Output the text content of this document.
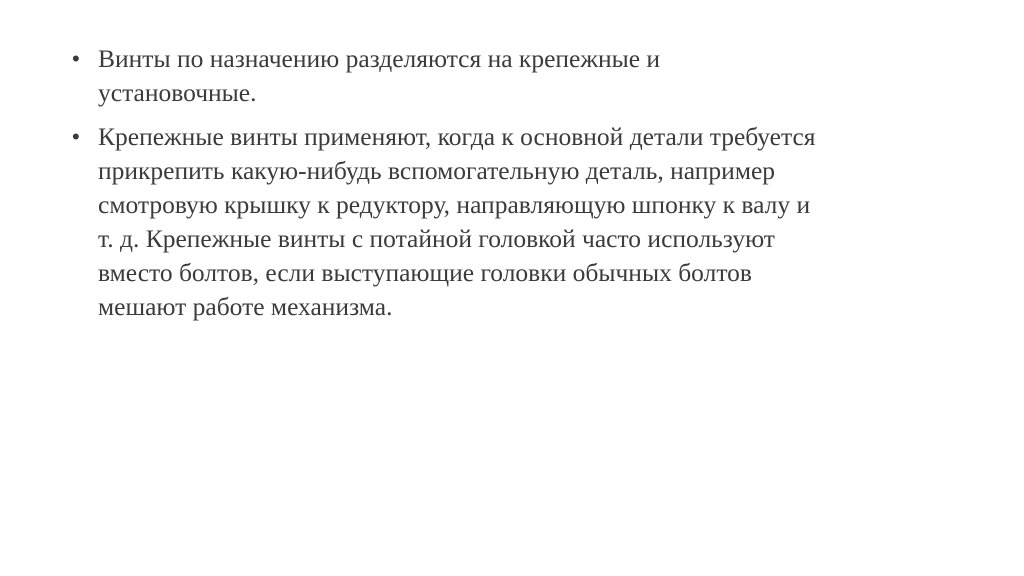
• Винты по назначению разделяются на крепежные и
установочные.
• Крепежные винты применяют, когда к основной детали требуется
прикрепить какую-нибудь вспомогательную деталь, например
смотровую крышку к редуктору, направляющую шпонку к валу и
т. д. Крепежные винты с потайной головкой часто используют
вместо болтов, если выступающие головки обычных болтов
мешают работе механизма.
